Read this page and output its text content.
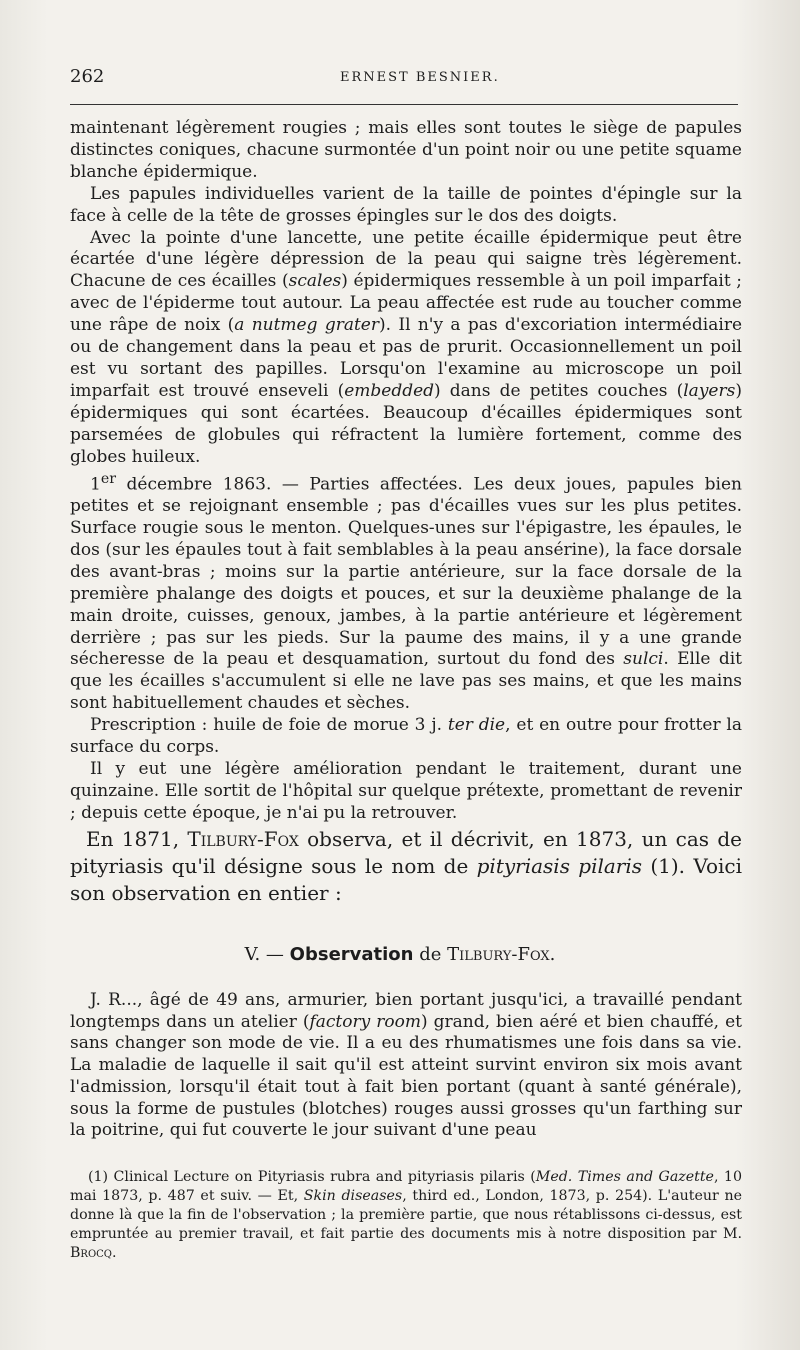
262	ERNEST BESNIER.

maintenant légèrement rougies ; mais elles sont toutes le siège de papules distinctes coniques, chacune surmontée d'un point noir ou une petite squame blanche épidermique.

Les papules individuelles varient de la taille de pointes d'épingle sur la face à celle de la tête de grosses épingles sur le dos des doigts.

Avec la pointe d'une lancette, une petite écaille épidermique peut être écartée d'une légère dépression de la peau qui saigne très légèrement. Chacune de ces écailles (scales) épidermiques ressemble à un poil imparfait ; avec de l'épiderme tout autour. La peau affectée est rude au toucher comme une râpe de noix (a nutmeg grater). Il n'y a pas d'excoriation intermédiaire ou de changement dans la peau et pas de prurit. Occasionnellement un poil est vu sortant des papilles. Lorsqu'on l'examine au microscope un poil imparfait est trouvé enseveli (embedded) dans de petites couches (layers) épidermiques qui sont écartées. Beaucoup d'écailles épidermiques sont parsemées de globules qui réfractent la lumière fortement, comme des globes huileux.

1er décembre 1863. — Parties affectées. Les deux joues, papules bien petites et se rejoignant ensemble ; pas d'écailles vues sur les plus petites. Surface rougie sous le menton. Quelques-unes sur l'épigastre, les épaules, le dos (sur les épaules tout à fait semblables à la peau ansérine), la face dorsale des avant-bras ; moins sur la partie antérieure, sur la face dorsale de la première phalange des doigts et pouces, et sur la deuxième phalange de la main droite, cuisses, genoux, jambes, à la partie antérieure et légèrement derrière ; pas sur les pieds. Sur la paume des mains, il y a une grande sécheresse de la peau et desquamation, surtout du fond des sulci. Elle dit que les écailles s'accumulent si elle ne lave pas ses mains, et que les mains sont habituellement chaudes et sèches.

Prescription : huile de foie de morue 3 j. ter die, et en outre pour frotter la surface du corps.

Il y eut une légère amélioration pendant le traitement, durant une quinzaine. Elle sortit de l'hôpital sur quelque prétexte, promettant de revenir ; depuis cette époque, je n'ai pu la retrouver.

En 1871, Tilbury-Fox observa, et il décrivit, en 1873, un cas de pityriasis qu'il désigne sous le nom de pityriasis pilaris (1). Voici son observation en entier :

V. — Observation de Tilbury-Fox.

J. R..., âgé de 49 ans, armurier, bien portant jusqu'ici, a travaillé pendant longtemps dans un atelier (factory room) grand, bien aéré et bien chauffé, et sans changer son mode de vie. Il a eu des rhumatismes une fois dans sa vie. La maladie de laquelle il sait qu'il est atteint survint environ six mois avant l'admission, lorsqu'il était tout à fait bien portant (quant à santé générale), sous la forme de pustules (blotches) rouges aussi grosses qu'un farthing sur la poitrine, qui fut couverte le jour suivant d'une peau

(1) Clinical Lecture on Pityriasis rubra and pityriasis pilaris (Med. Times and Gazette, 10 mai 1873, p. 487 et suiv. — Et, Skin diseases, third ed., London, 1873, p. 254). L'auteur ne donne là que la fin de l'observation ; la première partie, que nous rétablissons ci-dessus, est empruntée au premier travail, et fait partie des documents mis à notre disposition par M. Brocq.
